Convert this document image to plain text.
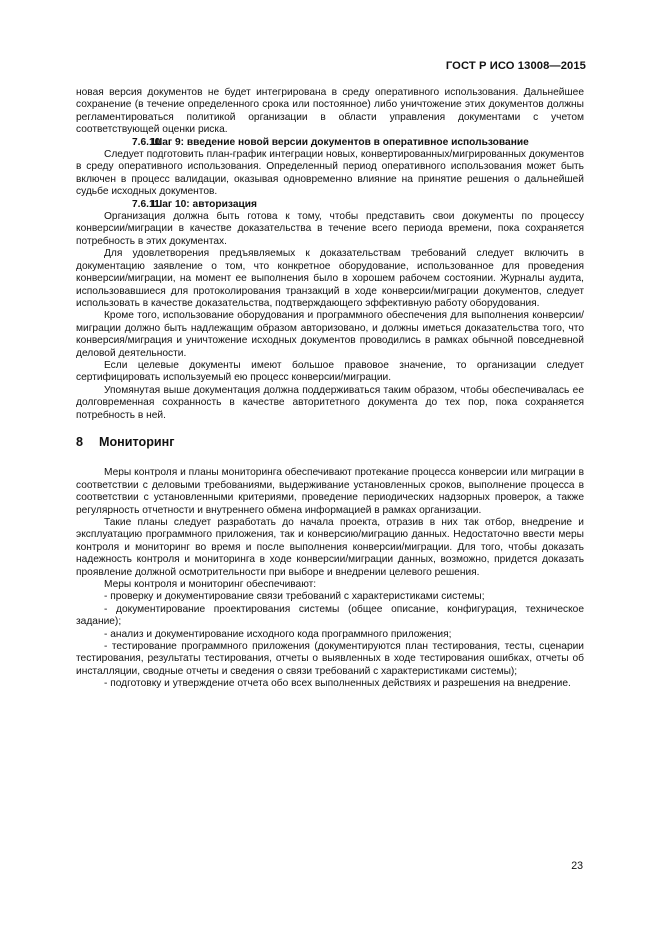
ГОСТ Р ИСО 13008—2015

новая версия документов не будет интегрирована в среду оперативного использования. Дальнейшее сохранение (в течение определенного срока или постоянное) либо уничтожение этих документов должны регламентироваться политикой организации в области управления документами с учетом соответствующей оценки риска.

7.6.10Шаг 9: введение новой версии документов в оперативное использование

Следует подготовить план-график интеграции новых, конвертированных/мигрированных документов в среду оперативного использования. Определенный период оперативного использования может быть включен в процесс валидации, оказывая одновременно влияние на принятие решения о дальнейшей судьбе исходных документов.

7.6.11Шаг 10: авторизация

Организация должна быть готова к тому, чтобы представить свои документы по процессу конверсии/миграции в качестве доказательства в течение всего периода времени, пока сохраняется потребность в этих документах.

Для удовлетворения предъявляемых к доказательствам требований следует включить в документацию заявление о том, что конкретное оборудование, использованное для проведения конверсии/миграции, на момент ее выполнения было в хорошем рабочем состоянии. Журналы аудита, использовавшиеся для протоколирования транзакций в ходе конверсии/миграции документов, следует использовать в качестве доказательства, подтверждающего эффективную работу оборудования.

Кроме того, использование оборудования и программного обеспечения для выполнения конверсии/миграции должно быть надлежащим образом авторизовано, и должны иметься доказательства того, что конверсия/миграция и уничтожение исходных документов проводились в рамках обычной повседневной деловой деятельности.

Если целевые документы имеют большое правовое значение, то организации следует сертифицировать используемый ею процесс конверсии/миграции.

Упомянутая выше документация должна поддерживаться таким образом, чтобы обеспечивалась ее долговременная сохранность в качестве авторитетного документа до тех пор, пока сохраняется потребность в ней.

8 Мониторинг

Меры контроля и планы мониторинга обеспечивают протекание процесса конверсии или миграции в соответствии с деловыми требованиями, выдерживание установленных сроков, выполнение процесса в соответствии с установленными критериями, проведение периодических надзорных проверок, а также регулярность отчетности и внутреннего обмена информацией в рамках организации.

Такие планы следует разработать до начала проекта, отразив в них так отбор, внедрение и эксплуатацию программного приложения, так и конверсию/миграцию данных. Недостаточно ввести меры контроля и мониторинг во время и после выполнения конверсии/миграции. Для того, чтобы доказать надежность контроля и мониторинга в ходе конверсии/миграции данных, возможно, придется доказать проявление должной осмотрительности при выборе и внедрении целевого решения.

Меры контроля и мониторинг обеспечивают:

- проверку и документирование связи требований с характеристиками системы;

- документирование проектирования системы (общее описание, конфигурация, техническое задание);

- анализ и документирование исходного кода программного приложения;

- тестирование программного приложения (документируются план тестирования, тесты, сценарии тестирования, результаты тестирования, отчеты о выявленных в ходе тестирования ошибках, отчеты об инсталляции, сводные отчеты и сведения о связи требований с характеристиками системы);

- подготовку и утверждение отчета обо всех выполненных действиях и разрешения на внедрение.

23
